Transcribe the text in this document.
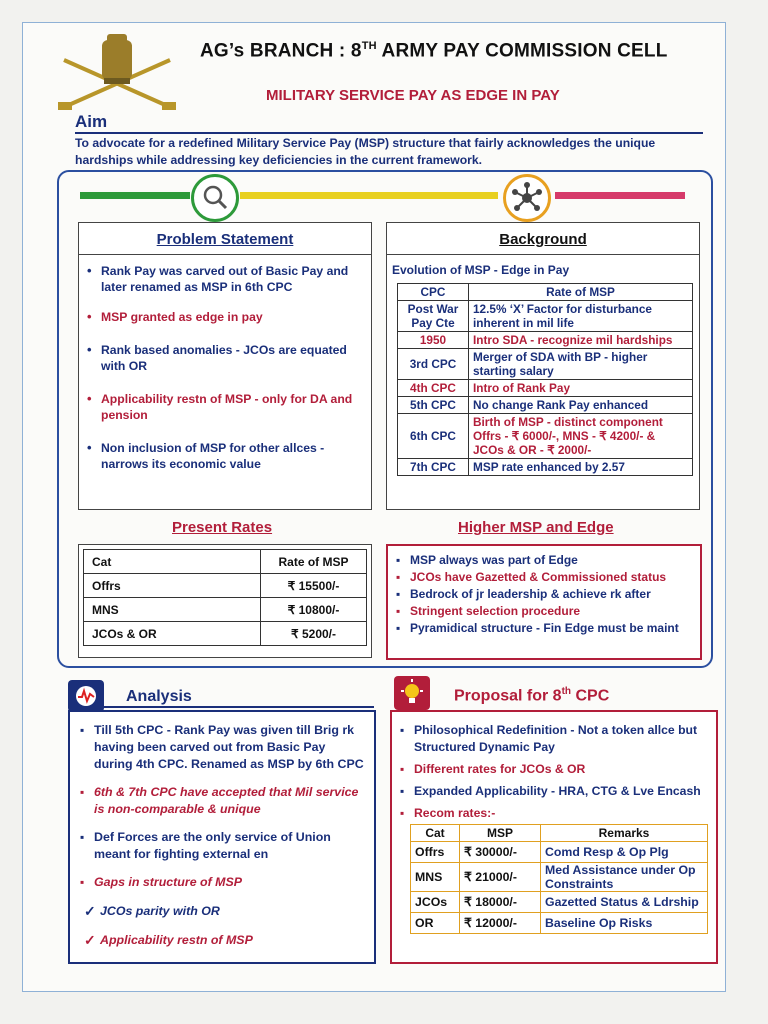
AG’s BRANCH : 8TH ARMY PAY COMMISSION CELL
MILITARY SERVICE PAY AS EDGE IN PAY
Aim
To advocate for a redefined Military Service Pay (MSP) structure that fairly acknowledges the unique hardships while addressing key deficiencies in the current framework.
Problem Statement
• Rank Pay was carved out of Basic Pay and later renamed as MSP in 6th CPC
• MSP granted as edge in pay
• Rank based anomalies - JCOs are equated with OR
• Applicability restn of MSP - only for DA and pension
• Non inclusion of MSP for other allces - narrows its economic value
Background
Evolution of MSP - Edge in Pay
CPC	Rate of MSP
Post War Pay Cte	12.5% ‘X’ Factor for disturbance inherent in mil life
1950	Intro SDA - recognize mil hardships
3rd CPC	Merger of SDA with BP - higher starting salary
4th CPC	Intro of Rank Pay
5th CPC	No change Rank Pay enhanced
6th CPC	Birth of MSP - distinct component Offrs - ₹ 6000/-, MNS - ₹ 4200/- & JCOs & OR - ₹ 2000/-
7th CPC	MSP rate enhanced by 2.57
Present Rates
Cat	Rate of MSP
Offrs	₹ 15500/-
MNS	₹ 10800/-
JCOs & OR	₹ 5200/-
Higher MSP and Edge
▪ MSP always was part of Edge
▪ JCOs have Gazetted & Commissioned status
▪ Bedrock of jr leadership & achieve rk after
▪ Stringent selection procedure
▪ Pyramidical structure - Fin Edge must be maint
Analysis
▪ Till 5th CPC - Rank Pay was given till Brig rk having been carved out from Basic Pay during 4th CPC. Renamed as MSP by 6th CPC
▪ 6th & 7th CPC have accepted that Mil service is non-comparable & unique
▪ Def Forces are the only service of Union meant for fighting external en
▪ Gaps in structure of MSP
✓ JCOs parity with OR
✓ Applicability restn of MSP
Proposal for 8th CPC
▪ Philosophical Redefinition - Not a token allce but Structured Dynamic Pay
▪ Different rates for JCOs & OR
▪ Expanded Applicability - HRA, CTG & Lve Encash
▪ Recom rates:-
Cat	MSP	Remarks
Offrs	₹ 30000/-	Comd Resp & Op Plg
MNS	₹ 21000/-	Med Assistance under Op Constraints
JCOs	₹ 18000/-	Gazetted Status & Ldrship
OR	₹ 12000/-	Baseline Op Risks
